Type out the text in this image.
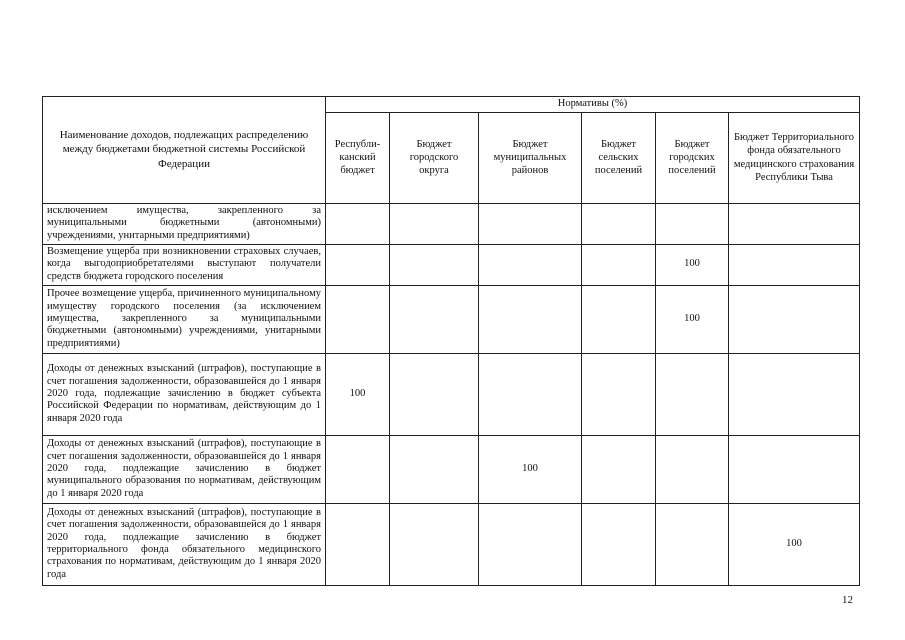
Наименование доходов, подлежащих распределению между бюджетами бюджетной системы Российской Федерации	Нормативы (%)					
	Республи-канский бюджет	Бюджет городского округа	Бюджет муниципальных районов	Бюджет сельских поселений	Бюджет городских поселений	Бюджет Территориального фонда обязательного медицинского страхования Республики Тыва
исключением имущества, закрепленного за муниципальными бюджетными (автономными) учреждениями, унитарными предприятиями)						
Возмещение ущерба при возникновении страховых случаев, когда выгодоприобретателями выступают получатели средств бюджета городского поселения					100	
Прочее возмещение ущерба, причиненного муниципальному имуществу городского поселения (за исключением имущества, закрепленного за муниципальными бюджетными (автономными) учреждениями, унитарными предприятиями)					100	
Доходы от денежных взысканий (штрафов), поступающие в счет погашения задолженности, образовавшейся до 1 января 2020 года, подлежащие зачислению в бюджет субъекта Российской Федерации по нормативам, действующим до 1 января 2020 года	100					
Доходы от денежных взысканий (штрафов), поступающие в счет погашения задолженности, образовавшейся до 1 января 2020 года, подлежащие зачислению в бюджет муниципального образования по нормативам, действующим до 1 января 2020 года			100			
Доходы от денежных взысканий (штрафов), поступающие в счет погашения задолженности, образовавшейся до 1 января 2020 года, подлежащие зачислению в бюджет территориального фонда обязательного медицинского страхования по нормативам, действующим до 1 января 2020 года						100
12
